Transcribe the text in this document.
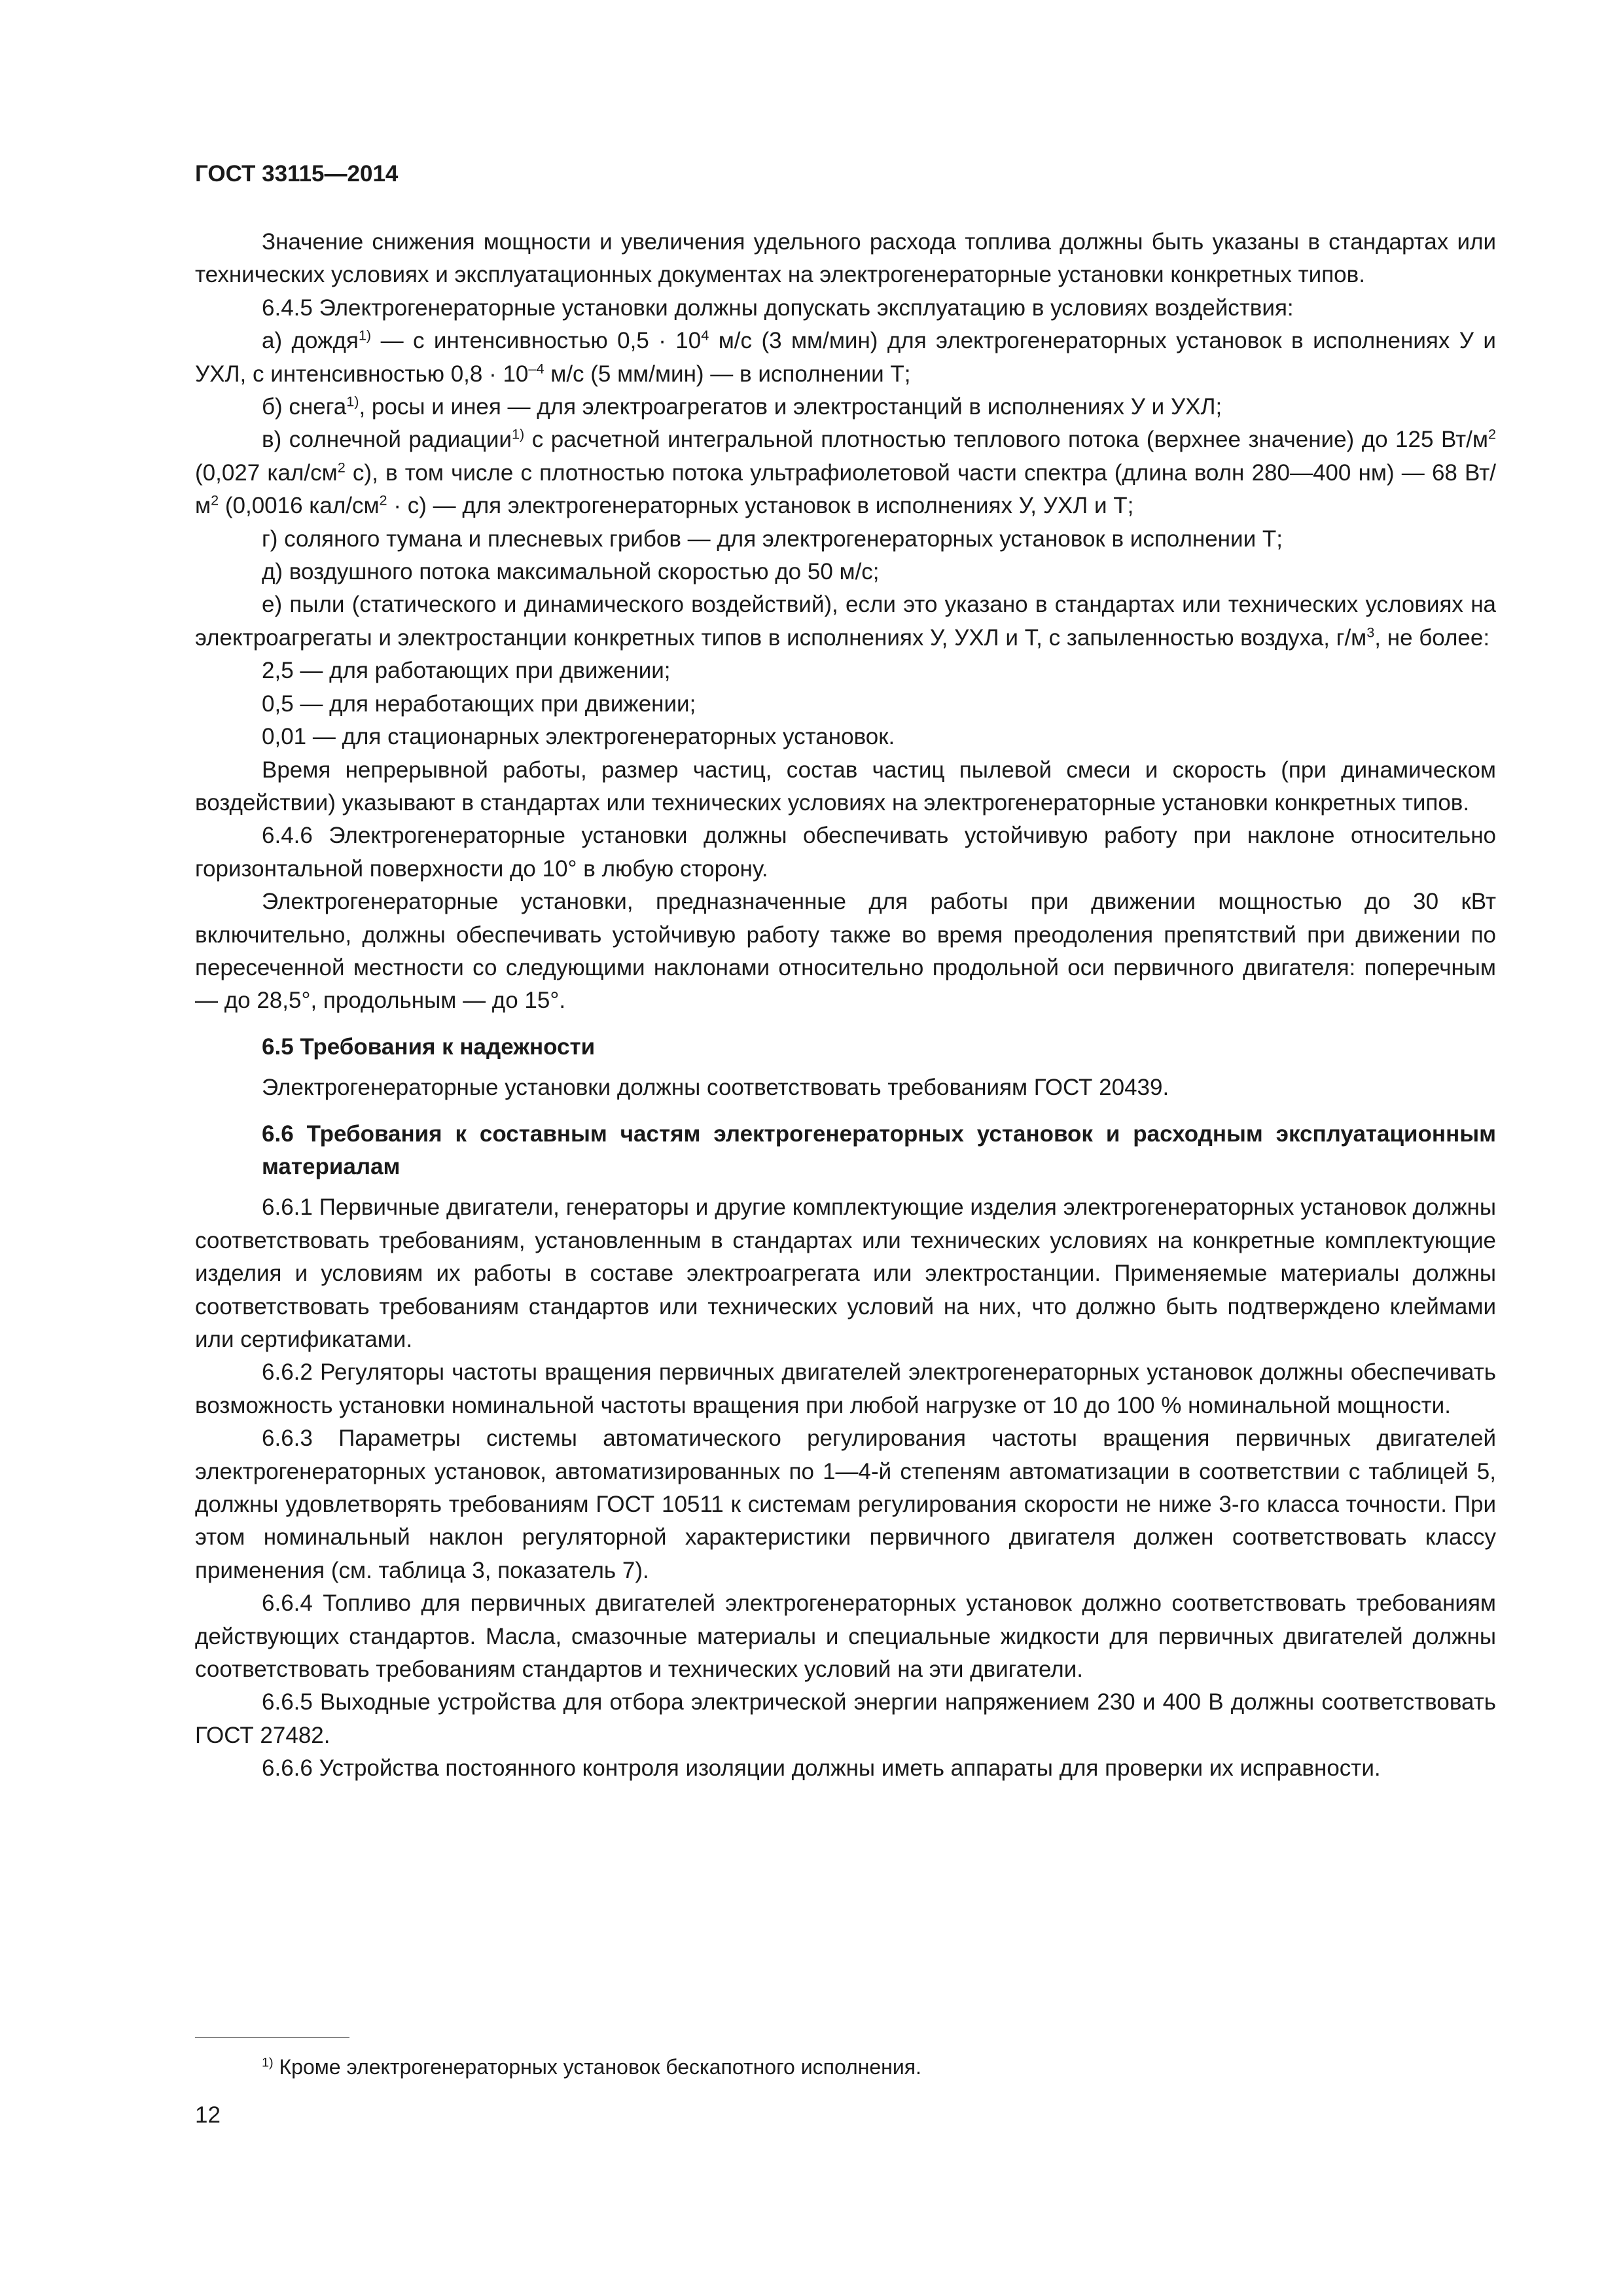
ГОСТ 33115—2014

Значение снижения мощности и увеличения удельного расхода топлива должны быть указаны в стандартах или технических условиях и эксплуатационных документах на электрогенераторные установки конкретных типов.

6.4.5 Электрогенераторные установки должны допускать эксплуатацию в условиях воздействия:

а) дождя$^{1)}$ — с интенсивностью $0,5 \cdot 10^4$ м/с (3 мм/мин) для электрогенераторных установок в исполнениях У и УХЛ, с интенсивностью $0,8 \cdot 10^{-4}$ м/с (5 мм/мин) — в исполнении Т;

б) снега$^{1)}$, росы и инея — для электроагрегатов и электростанций в исполнениях У и УХЛ;

в) солнечной радиации$^{1)}$ с расчетной интегральной плотностью теплового потока (верхнее значение) до 125 $Вт/м^2$ (0,027 кал/$см^2$ с), в том числе с плотностью потока ультрафиолетовой части спектра (длина волн 280—400 нм) — 68 $Вт/м^2$ (0,0016 кал/$см^2 \cdot с$) — для электрогенераторных установок в исполнениях У, УХЛ и Т;

г) соляного тумана и плесневых грибов — для электрогенераторных установок в исполнении Т;

д) воздушного потока максимальной скоростью до 50 м/с;

е) пыли (статического и динамического воздействий), если это указано в стандартах или технических условиях на электроагрегаты и электростанции конкретных типов в исполнениях У, УХЛ и Т, с запыленностью воздуха, $г/м^3$, не более:

2,5 — для работающих при движении;

0,5 — для неработающих при движении;

0,01 — для стационарных электрогенераторных установок.

Время непрерывной работы, размер частиц, состав частиц пылевой смеси и скорость (при динамическом воздействии) указывают в стандартах или технических условиях на электрогенераторные установки конкретных типов.

6.4.6 Электрогенераторные установки должны обеспечивать устойчивую работу при наклоне относительно горизонтальной поверхности до 10° в любую сторону.

Электрогенераторные установки, предназначенные для работы при движении мощностью до 30 кВт включительно, должны обеспечивать устойчивую работу также во время преодоления препятствий при движении по пересеченной местности со следующими наклонами относительно продольной оси первичного двигателя: поперечным — до 28,5°, продольным — до 15°.

6.5 Требования к надежности

Электрогенераторные установки должны соответствовать требованиям ГОСТ 20439.

6.6 Требования к составным частям электрогенераторных установок и расходным эксплуатационным материалам

6.6.1 Первичные двигатели, генераторы и другие комплектующие изделия электрогенераторных установок должны соответствовать требованиям, установленным в стандартах или технических условиях на конкретные комплектующие изделия и условиям их работы в составе электроагрегата или электростанции. Применяемые материалы должны соответствовать требованиям стандартов или технических условий на них, что должно быть подтверждено клеймами или сертификатами.

6.6.2 Регуляторы частоты вращения первичных двигателей электрогенераторных установок должны обеспечивать возможность установки номинальной частоты вращения при любой нагрузке от 10 до 100 % номинальной мощности.

6.6.3 Параметры системы автоматического регулирования частоты вращения первичных двигателей электрогенераторных установок, автоматизированных по 1—4-й степеням автоматизации в соответствии с таблицей 5, должны удовлетворять требованиям ГОСТ 10511 к системам регулирования скорости не ниже 3-го класса точности. При этом номинальный наклон регуляторной характеристики первичного двигателя должен соответствовать классу применения (см. таблица 3, показатель 7).

6.6.4 Топливо для первичных двигателей электрогенераторных установок должно соответствовать требованиям действующих стандартов. Масла, смазочные материалы и специальные жидкости для первичных двигателей должны соответствовать требованиям стандартов и технических условий на эти двигатели.

6.6.5 Выходные устройства для отбора электрической энергии напряжением 230 и 400 В должны соответствовать ГОСТ 27482.

6.6.6 Устройства постоянного контроля изоляции должны иметь аппараты для проверки их исправности.

$^{1)}$ Кроме электрогенераторных установок бескапотного исполнения.

12
